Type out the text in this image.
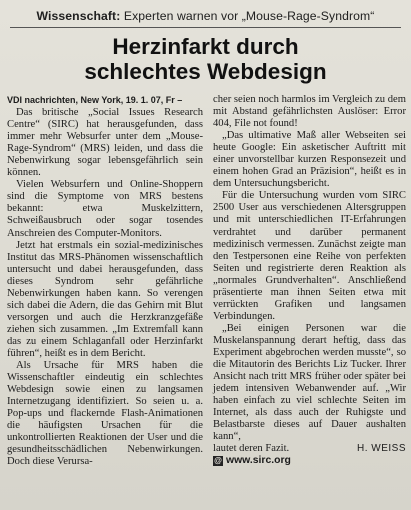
Wissenschaft: Experten warnen vor „Mouse-Rage-Syndrom“
Herzinfarkt durch
schlechtes Webdesign

VDI nachrichten, New York, 19. 1. 07, Fr –

Das britische „Social Issues Research Centre“ (SIRC) hat herausgefunden, dass immer mehr Websurfer unter dem „Mouse-Rage-Syndrom“ (MRS) leiden, und dass die Nebenwirkung sogar lebensgefährlich sein können.

Vielen Websurfern und Online-Shoppern sind die Symptome von MRS bestens bekannt: etwa Muskelzittern, Schweißausbruch oder sogar tosendes Anschreien des Computer-Monitors.

Jetzt hat erstmals ein sozial-medizinisches Institut das MRS-Phänomen wissenschaftlich untersucht und dabei herausgefunden, dass dieses Syndrom sehr gefährliche Nebenwirkungen haben kann. So verengen sich dabei die Adern, die das Gehirn mit Blut versorgen und auch die Herzkranzgefäße ziehen sich zusammen. „Im Extremfall kann das zu einem Schlaganfall oder Herzinfarkt führen“, heißt es in dem Bericht.

Als Ursache für MRS haben die Wissenschaftler eindeutig ein schlechtes Webdesign sowie einen zu langsamen Internetzugang identifiziert. So seien u. a. Pop-ups und flackernde Flash-Animationen die häufigsten Ursachen für die unkontrollierten Reaktionen der User und die gesundheitsschädlichen Nebenwirkungen. Doch diese Verursa-

cher seien noch harmlos im Vergleich zu dem mit Abstand gefährlichsten Auslöser: Error 404, File not found!

„Das ultimative Maß aller Webseiten sei heute Google: Ein asketischer Auftritt mit einer unvorstellbar kurzen Responsezeit und einem hohen Grad an Präzision“, heißt es in dem Untersuchungsbericht.

Für die Untersuchung wurden vom SIRC 2500 User aus verschiedenen Altersgruppen und mit unterschiedlichen IT-Erfahrungen verdrahtet und darüber permanent medizinisch vermessen. Zunächst zeigte man den Testpersonen eine Reihe von perfekten Seiten und registrierte deren Reaktion als „normales Grundverhalten“. Anschließend präsentierte man ihnen Seiten etwa mit verrückten Grafiken und langsamen Verbindungen.

„Bei einigen Personen war die Muskelanspannung derart heftig, dass das Experiment abgebrochen werden musste“, so die Mitautorin des Berichts Liz Tucker. Ihrer Ansicht nach tritt MRS früher oder später bei jedem intensiven Webanwender auf. „Wir haben einfach zu viel schlechte Seiten im Internet, als dass auch der Ruhigste und Belastbarste dieses auf Dauer aushalten kann“,

lautet deren Fazit.	H. WEISS
@ www.sirc.org
